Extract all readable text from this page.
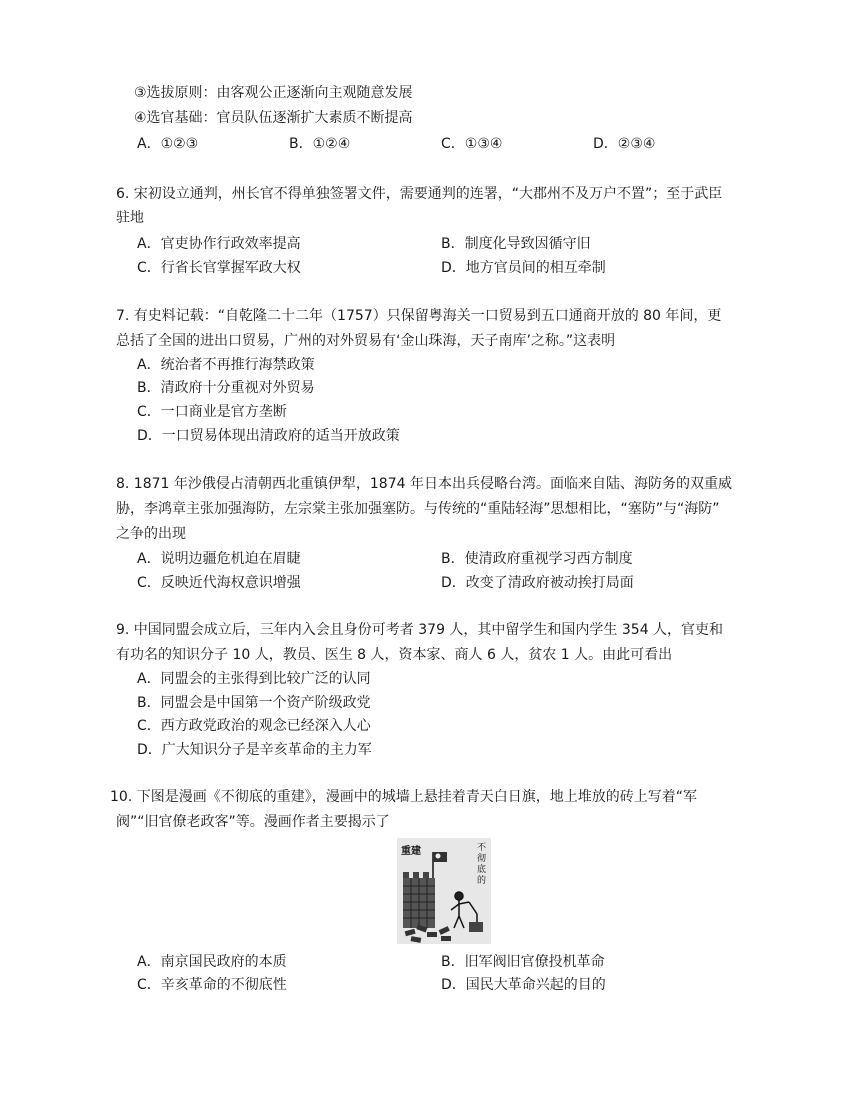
③选拔原则：由客观公正逐渐向主观随意发展
④选官基础：官员队伍逐渐扩大素质不断提高
A．①②③	B．①②④	C．①③④	D．②③④
6. 宋初设立通判，州长官不得单独签署文件，需要通判的连署，“大郡州不及万户不置”；至于武臣
驻地
A．官吏协作行政效率提高	B．制度化导致因循守旧
C．行省长官掌握军政大权	D．地方官员间的相互牵制
7. 有史料记载：“自乾隆二十二年（1757）只保留粤海关一口贸易到五口通商开放的 80 年间，更
总括了全国的进出口贸易，广州的对外贸易有‘金山珠海，天子南库’之称。”这表明
A．统治者不再推行海禁政策
B．清政府十分重视对外贸易
C．一口商业是官方垄断
D．一口贸易体现出清政府的适当开放政策
8. 1871 年沙俄侵占清朝西北重镇伊犁，1874 年日本出兵侵略台湾。面临来自陆、海防务的双重威
胁，李鸿章主张加强海防，左宗棠主张加强塞防。与传统的“重陆轻海”思想相比，“塞防”与“海防”
之争的出现
A．说明边疆危机迫在眉睫	B．使清政府重视学习西方制度
C．反映近代海权意识增强	D．改变了清政府被动挨打局面
9. 中国同盟会成立后，三年内入会且身份可考者 379 人，其中留学生和国内学生 354 人，官吏和
有功名的知识分子 10 人，教员、医生 8 人，资本家、商人 6 人，贫农 1 人。由此可看出
A．同盟会的主张得到比较广泛的认同
B．同盟会是中国第一个资产阶级政党
C．西方政党政治的观念已经深入人心
D．广大知识分子是辛亥革命的主力军
10. 下图是漫画《不彻底的重建》，漫画中的城墙上悬挂着青天白日旗，地上堆放的砖上写着“军
阀”“旧官僚老政客”等。漫画作者主要揭示了
重建	不
彻
底
的
A．南京国民政府的本质	B．旧军阀旧官僚投机革命
C．辛亥革命的不彻底性	D．国民大革命兴起的目的
